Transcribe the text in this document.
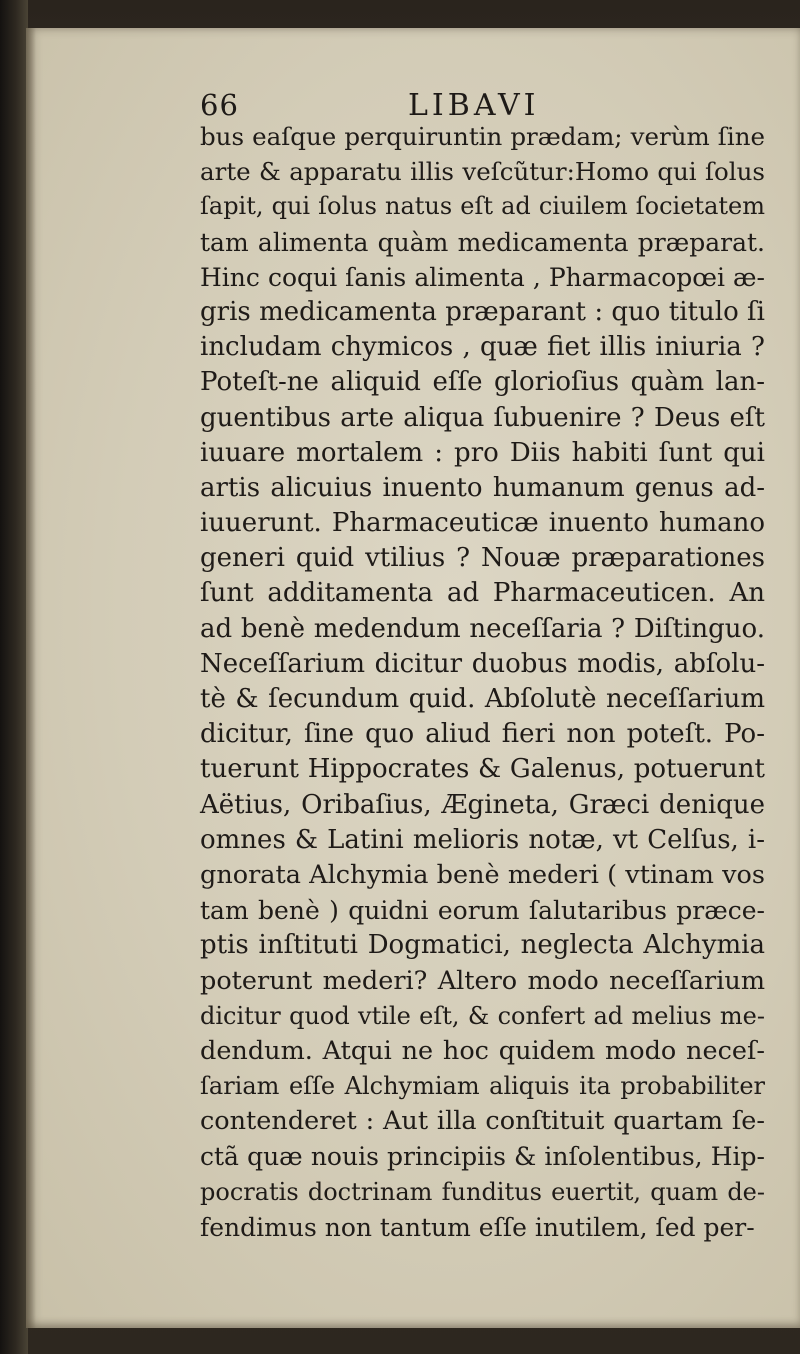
66	LIBAVI
bus eaſque perquiruntin prædam; verùm ſine
arte & apparatu illis veſcũtur:Homo qui ſolus
ſapit, qui ſolus natus eſt ad ciuilem ſocietatem
tam alimenta quàm medicamenta præparat.
Hinc coqui ſanis alimenta , Pharmacopœi æ-
gris medicamenta præparant : quo titulo ſi
includam chymicos , quæ fiet illis iniuria ?
Poteſt-ne aliquid eſſe glorioſius quàm lan-
guentibus arte aliqua ſubuenire ? Deus eſt
iuuare mortalem : pro Diis habiti ſunt qui
artis alicuius inuento humanum genus ad-
iuuerunt. Pharmaceuticæ inuento humano
generi quid vtilius ? Nouæ præparationes
ſunt additamenta ad Pharmaceuticen. An
ad benè medendum neceſſaria ? Diſtinguo.
Neceſſarium dicitur duobus modis, abſolu-
tè & ſecundum quid. Abſolutè neceſſarium
dicitur, ſine quo aliud fieri non poteſt. Po-
tuerunt Hippocrates & Galenus, potuerunt
Aëtius, Oribaſius, Ægineta, Græci denique
omnes & Latini melioris notæ, vt Celſus, i-
gnorata Alchymia benè mederi ( vtinam vos
tam benè ) quidni eorum ſalutaribus præce-
ptis inſtituti Dogmatici, neglecta Alchymia
poterunt mederi? Altero modo neceſſarium
dicitur quod vtile eſt, & confert ad melius me-
dendum. Atqui ne hoc quidem modo neceſ-
ſariam eſſe Alchymiam aliquis ita probabiliter
contenderet : Aut illa conſtituit quartam ſe-
ctã quæ nouis principiis & inſolentibus, Hip-
pocratis doctrinam funditus euertit, quam de-
fendimus non tantum eſſe inutilem, ſed per-
